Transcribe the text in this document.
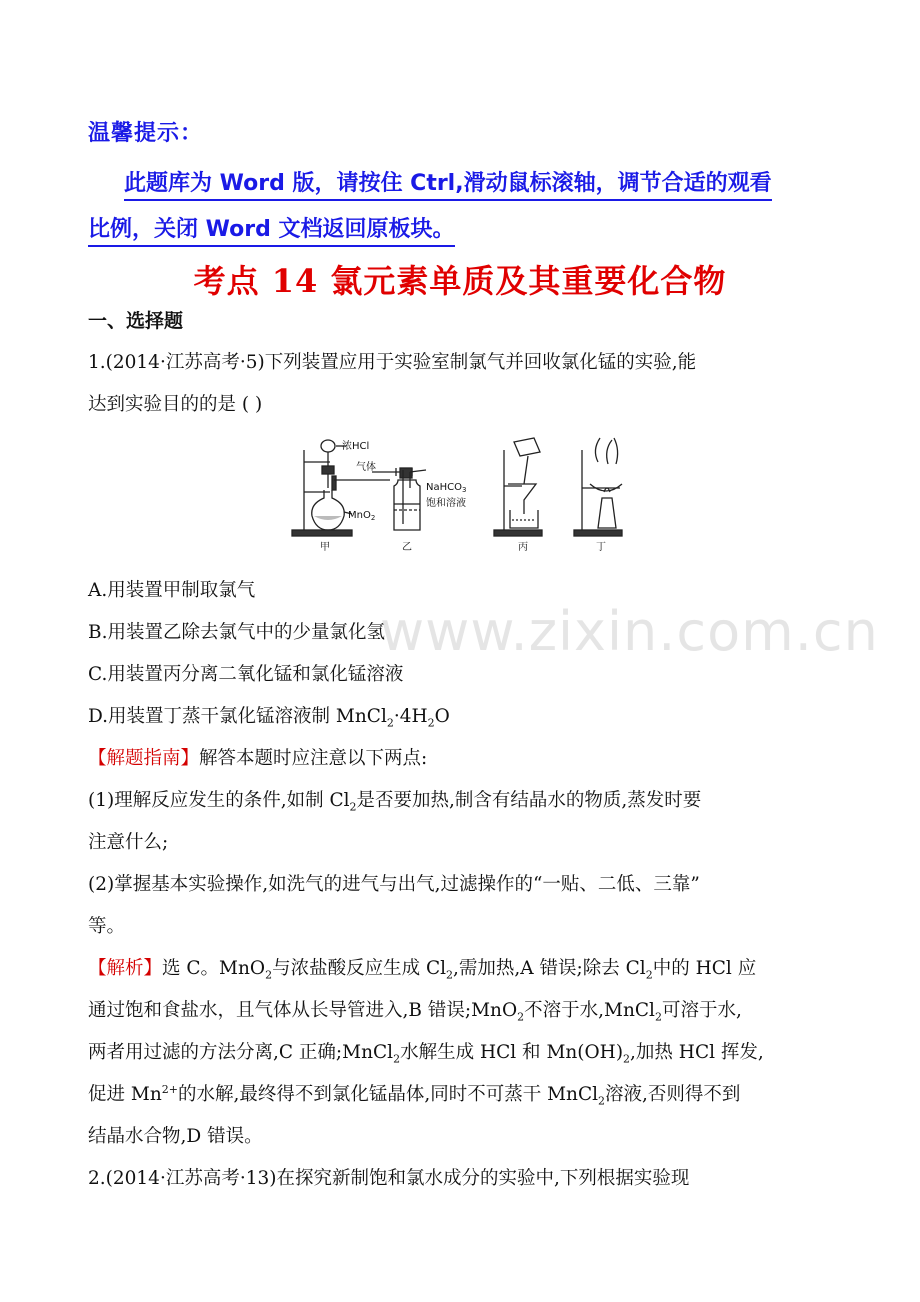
温馨提示：
此题库为 Word 版，请按住 Ctrl,滑动鼠标滚轴，调节合适的观看
比例，关闭 Word 文档返回原板块。
考点 14 氯元素单质及其重要化合物
一、选择题
1.(2014·江苏高考·5)下列装置应用于实验室制氯气并回收氯化锰的实验,能
达到实验目的的是 ( )
浓HCl
气体
MnO$_2$
NaHCO$_3$
饱和溶液
甲	乙	丙	丁
A.用装置甲制取氯气
B.用装置乙除去氯气中的少量氯化氢
C.用装置丙分离二氧化锰和氯化锰溶液
D.用装置丁蒸干氯化锰溶液制 $MnCl_2\cdot 4H_2O$
【解题指南】解答本题时应注意以下两点:
(1)理解反应发生的条件,如制 $Cl_2$是否要加热,制含有结晶水的物质,蒸发时要
注意什么;
(2)掌握基本实验操作,如洗气的进气与出气,过滤操作的“一贴、二低、三靠”
等。
【解析】选 C。MnO$_2$与浓盐酸反应生成 $Cl_2$,需加热,A 错误;除去 $Cl_2$中的 HCl 应
通过饱和食盐水，且气体从长导管进入,B 错误;MnO$_2$不溶于水,MnCl$_2$可溶于水,
两者用过滤的方法分离,C 正确;MnCl$_2$水解生成 HCl 和 $Mn(OH)_2$,加热 HCl 挥发,
促进 $Mn^{2+}$的水解,最终得不到氯化锰晶体,同时不可蒸干 MnCl$_2$溶液,否则得不到
结晶水合物,D 错误。
2.(2014·江苏高考·13)在探究新制饱和氯水成分的实验中,下列根据实验现
www.zixin.com.cn
